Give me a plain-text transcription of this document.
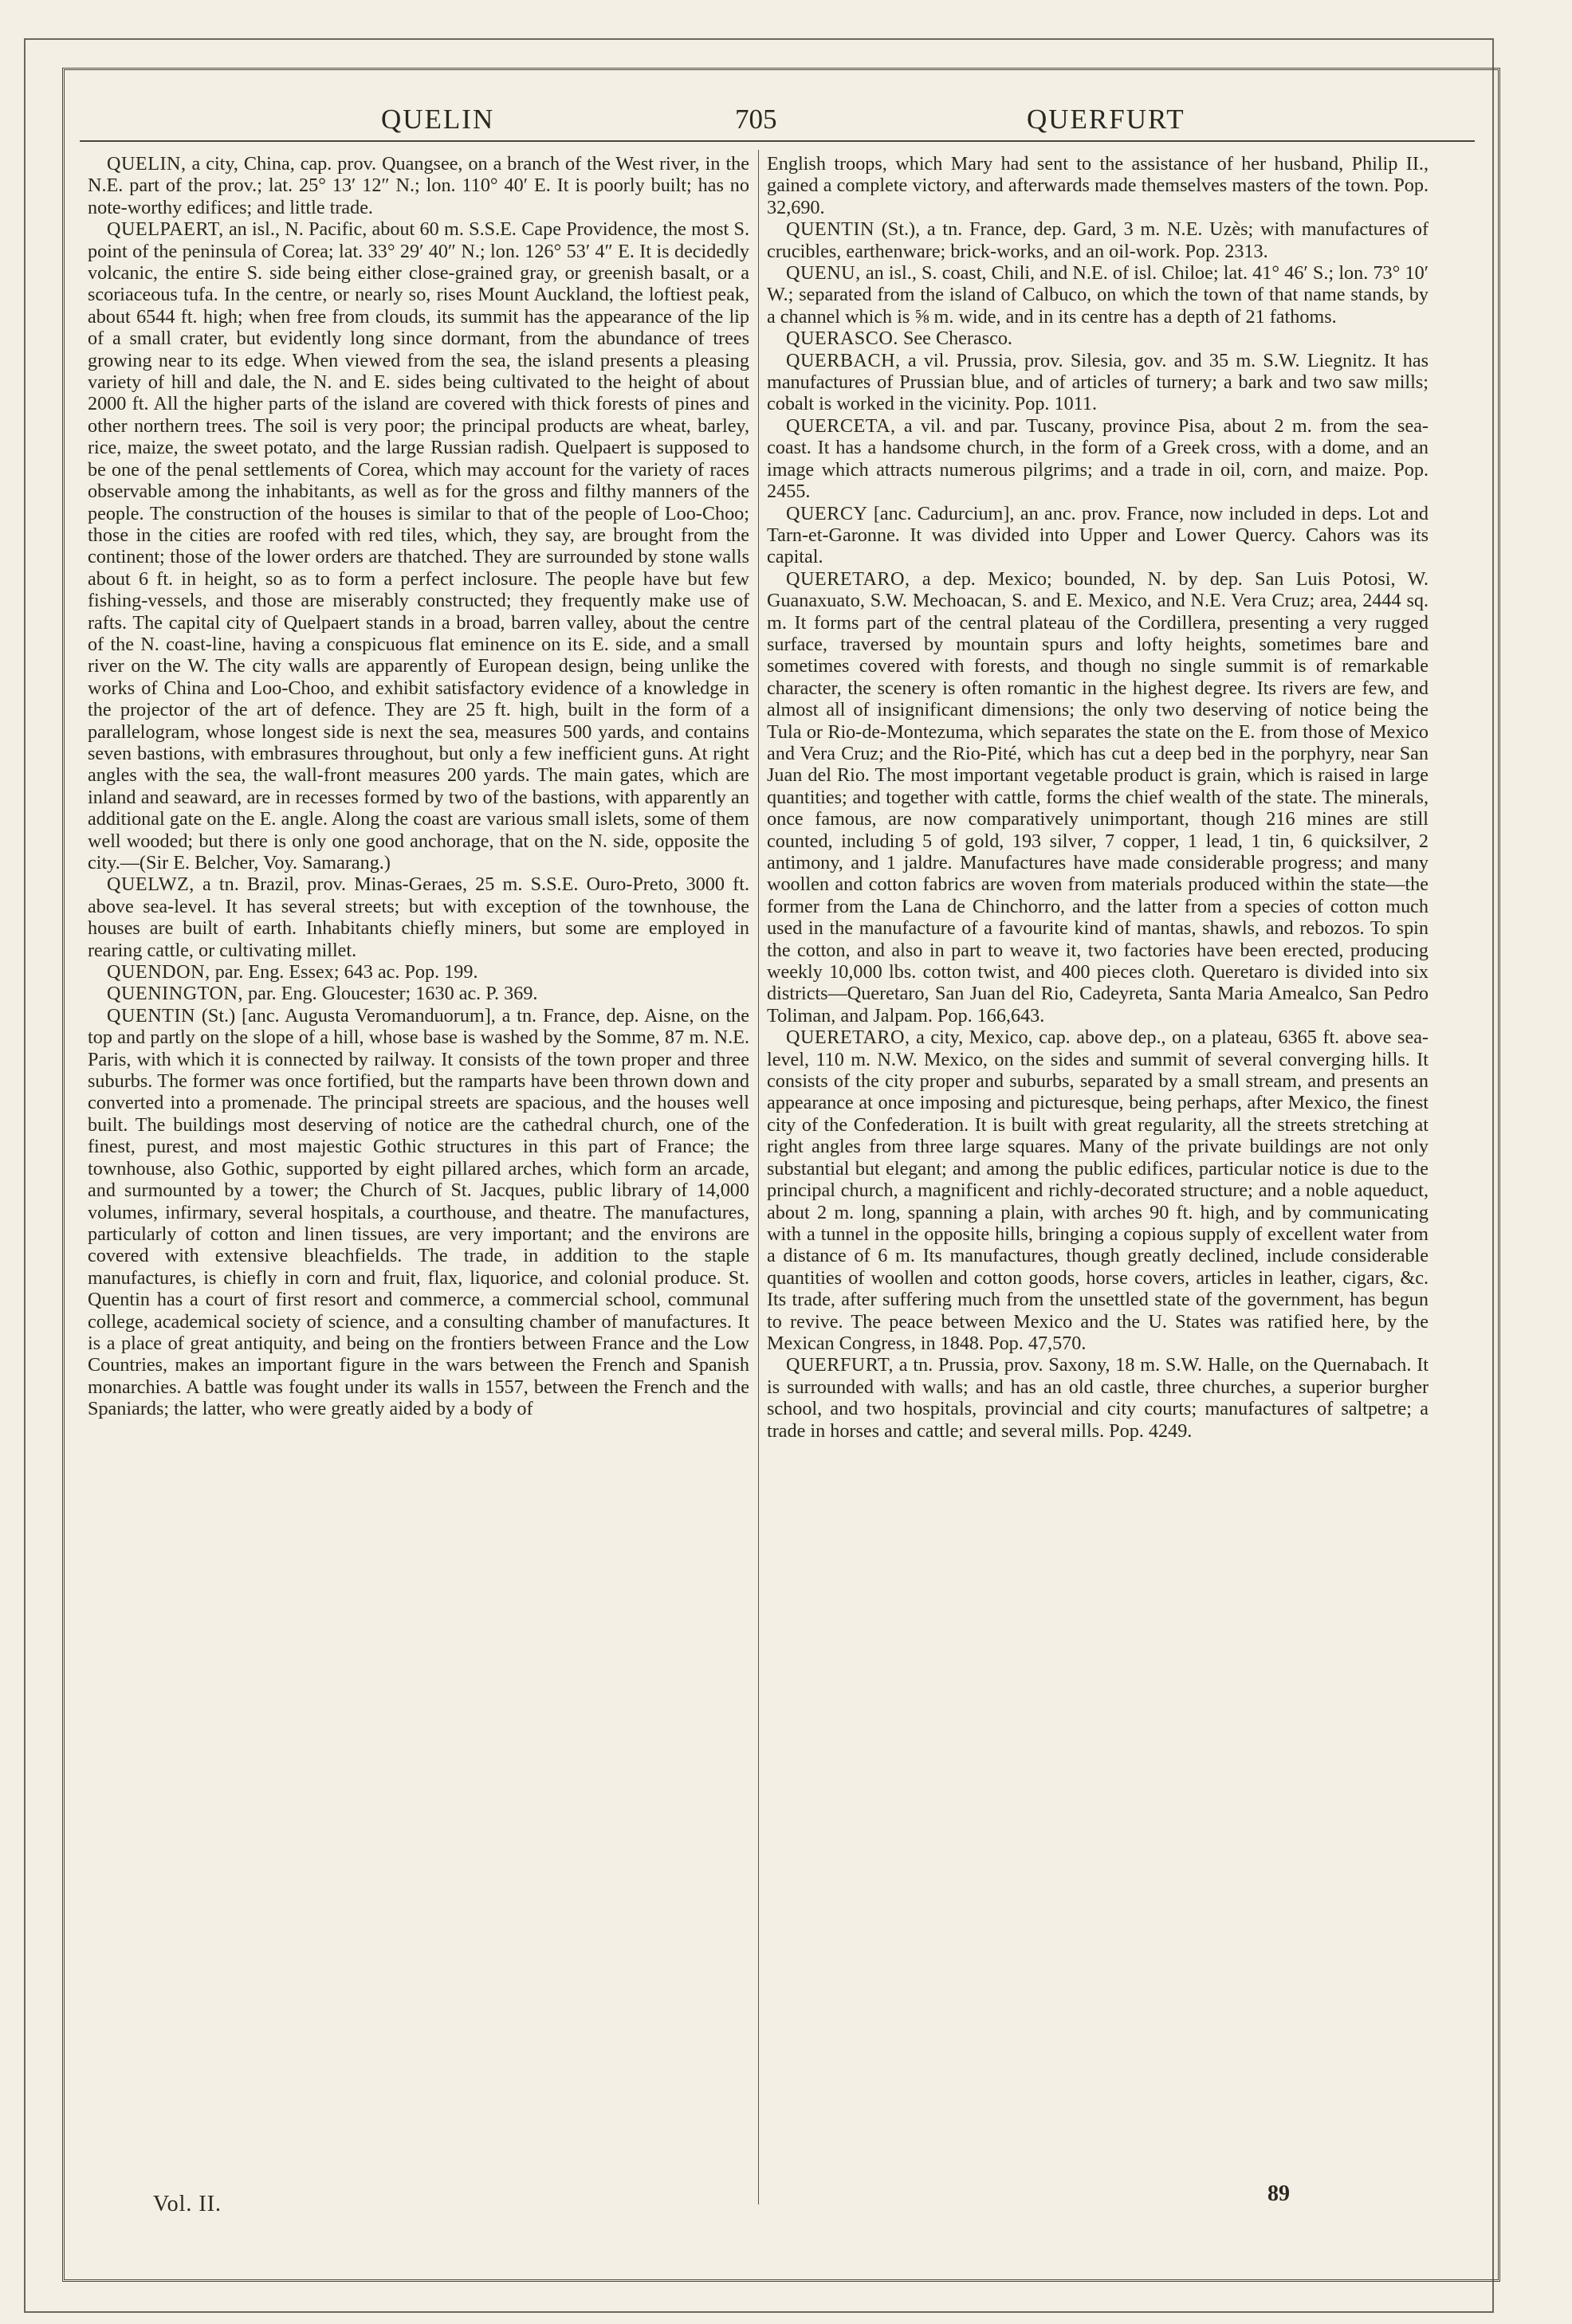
QUELIN	705	QUERFURT

QUELIN, a city, China, cap. prov. Quangsee, on a branch of the West river, in the N.E. part of the prov.; lat. 25° 13′ 12″ N.; lon. 110° 40′ E. It is poorly built; has no note-worthy edifices; and little trade.

QUELPAERT, an isl., N. Pacific, about 60 m. S.S.E. Cape Providence, the most S. point of the peninsula of Corea; lat. 33° 29′ 40″ N.; lon. 126° 53′ 4″ E. It is decidedly volcanic, the entire S. side being either close-grained gray, or greenish basalt, or a scoriaceous tufa. In the centre, or nearly so, rises Mount Auckland, the loftiest peak, about 6544 ft. high; when free from clouds, its summit has the appearance of the lip of a small crater, but evidently long since dormant, from the abundance of trees growing near to its edge. When viewed from the sea, the island presents a pleasing variety of hill and dale, the N. and E. sides being cultivated to the height of about 2000 ft. All the higher parts of the island are covered with thick forests of pines and other northern trees. The soil is very poor; the principal products are wheat, barley, rice, maize, the sweet potato, and the large Russian radish. Quelpaert is supposed to be one of the penal settlements of Corea, which may account for the variety of races observable among the inhabitants, as well as for the gross and filthy manners of the people. The construction of the houses is similar to that of the people of Loo-Choo; those in the cities are roofed with red tiles, which, they say, are brought from the continent; those of the lower orders are thatched. They are surrounded by stone walls about 6 ft. in height, so as to form a perfect inclosure. The people have but few fishing-vessels, and those are miserably constructed; they frequently make use of rafts. The capital city of Quelpaert stands in a broad, barren valley, about the centre of the N. coast-line, having a conspicuous flat eminence on its E. side, and a small river on the W. The city walls are apparently of European design, being unlike the works of China and Loo-Choo, and exhibit satisfactory evidence of a knowledge in the projector of the art of defence. They are 25 ft. high, built in the form of a parallelogram, whose longest side is next the sea, measures 500 yards, and contains seven bastions, with embrasures throughout, but only a few inefficient guns. At right angles with the sea, the wall-front measures 200 yards. The main gates, which are inland and seaward, are in recesses formed by two of the bastions, with apparently an additional gate on the E. angle. Along the coast are various small islets, some of them well wooded; but there is only one good anchorage, that on the N. side, opposite the city.—(Sir E. Belcher, Voy. Samarang.)

QUELWZ, a tn. Brazil, prov. Minas-Geraes, 25 m. S.S.E. Ouro-Preto, 3000 ft. above sea-level. It has several streets; but with exception of the townhouse, the houses are built of earth. Inhabitants chiefly miners, but some are employed in rearing cattle, or cultivating millet.

QUENDON, par. Eng. Essex; 643 ac. Pop. 199.

QUENINGTON, par. Eng. Gloucester; 1630 ac. P. 369.

QUENTIN (St.) [anc. Augusta Veromanduorum], a tn. France, dep. Aisne, on the top and partly on the slope of a hill, whose base is washed by the Somme, 87 m. N.E. Paris, with which it is connected by railway. It consists of the town proper and three suburbs. The former was once fortified, but the ramparts have been thrown down and converted into a promenade. The principal streets are spacious, and the houses well built. The buildings most deserving of notice are the cathedral church, one of the finest, purest, and most majestic Gothic structures in this part of France; the townhouse, also Gothic, supported by eight pillared arches, which form an arcade, and surmounted by a tower; the Church of St. Jacques, public library of 14,000 volumes, infirmary, several hospitals, a courthouse, and theatre. The manufactures, particularly of cotton and linen tissues, are very important; and the environs are covered with extensive bleachfields. The trade, in addition to the staple manufactures, is chiefly in corn and fruit, flax, liquorice, and colonial produce. St. Quentin has a court of first resort and commerce, a commercial school, communal college, academical society of science, and a consulting chamber of manufactures. It is a place of great antiquity, and being on the frontiers between France and the Low Countries, makes an important figure in the wars between the French and Spanish monarchies. A battle was fought under its walls in 1557, between the French and the Spaniards; the latter, who were greatly aided by a body of

English troops, which Mary had sent to the assistance of her husband, Philip II., gained a complete victory, and afterwards made themselves masters of the town. Pop. 32,690.

QUENTIN (St.), a tn. France, dep. Gard, 3 m. N.E. Uzès; with manufactures of crucibles, earthenware; brick-works, and an oil-work. Pop. 2313.

QUENU, an isl., S. coast, Chili, and N.E. of isl. Chiloe; lat. 41° 46′ S.; lon. 73° 10′ W.; separated from the island of Calbuco, on which the town of that name stands, by a channel which is ⅝ m. wide, and in its centre has a depth of 21 fathoms.

QUERASCO. See Cherasco.

QUERBACH, a vil. Prussia, prov. Silesia, gov. and 35 m. S.W. Liegnitz. It has manufactures of Prussian blue, and of articles of turnery; a bark and two saw mills; cobalt is worked in the vicinity. Pop. 1011.

QUERCETA, a vil. and par. Tuscany, province Pisa, about 2 m. from the sea-coast. It has a handsome church, in the form of a Greek cross, with a dome, and an image which attracts numerous pilgrims; and a trade in oil, corn, and maize. Pop. 2455.

QUERCY [anc. Cadurcium], an anc. prov. France, now included in deps. Lot and Tarn-et-Garonne. It was divided into Upper and Lower Quercy. Cahors was its capital.

QUERETARO, a dep. Mexico; bounded, N. by dep. San Luis Potosi, W. Guanaxuato, S.W. Mechoacan, S. and E. Mexico, and N.E. Vera Cruz; area, 2444 sq. m. It forms part of the central plateau of the Cordillera, presenting a very rugged surface, traversed by mountain spurs and lofty heights, sometimes bare and sometimes covered with forests, and though no single summit is of remarkable character, the scenery is often romantic in the highest degree. Its rivers are few, and almost all of insignificant dimensions; the only two deserving of notice being the Tula or Rio-de-Montezuma, which separates the state on the E. from those of Mexico and Vera Cruz; and the Rio-Pité, which has cut a deep bed in the porphyry, near San Juan del Rio. The most important vegetable product is grain, which is raised in large quantities; and together with cattle, forms the chief wealth of the state. The minerals, once famous, are now comparatively unimportant, though 216 mines are still counted, including 5 of gold, 193 silver, 7 copper, 1 lead, 1 tin, 6 quicksilver, 2 antimony, and 1 jaldre. Manufactures have made considerable progress; and many woollen and cotton fabrics are woven from materials produced within the state—the former from the Lana de Chinchorro, and the latter from a species of cotton much used in the manufacture of a favourite kind of mantas, shawls, and rebozos. To spin the cotton, and also in part to weave it, two factories have been erected, producing weekly 10,000 lbs. cotton twist, and 400 pieces cloth. Queretaro is divided into six districts—Queretaro, San Juan del Rio, Cadeyreta, Santa Maria Amealco, San Pedro Toliman, and Jalpam. Pop. 166,643.

QUERETARO, a city, Mexico, cap. above dep., on a plateau, 6365 ft. above sea-level, 110 m. N.W. Mexico, on the sides and summit of several converging hills. It consists of the city proper and suburbs, separated by a small stream, and presents an appearance at once imposing and picturesque, being perhaps, after Mexico, the finest city of the Confederation. It is built with great regularity, all the streets stretching at right angles from three large squares. Many of the private buildings are not only substantial but elegant; and among the public edifices, particular notice is due to the principal church, a magnificent and richly-decorated structure; and a noble aqueduct, about 2 m. long, spanning a plain, with arches 90 ft. high, and by communicating with a tunnel in the opposite hills, bringing a copious supply of excellent water from a distance of 6 m. Its manufactures, though greatly declined, include considerable quantities of woollen and cotton goods, horse covers, articles in leather, cigars, &c. Its trade, after suffering much from the unsettled state of the government, has begun to revive. The peace between Mexico and the U. States was ratified here, by the Mexican Congress, in 1848. Pop. 47,570.

QUERFURT, a tn. Prussia, prov. Saxony, 18 m. S.W. Halle, on the Quernabach. It is surrounded with walls; and has an old castle, three churches, a superior burgher school, and two hospitals, provincial and city courts; manufactures of saltpetre; a trade in horses and cattle; and several mills. Pop. 4249.

Vol. II.	89
